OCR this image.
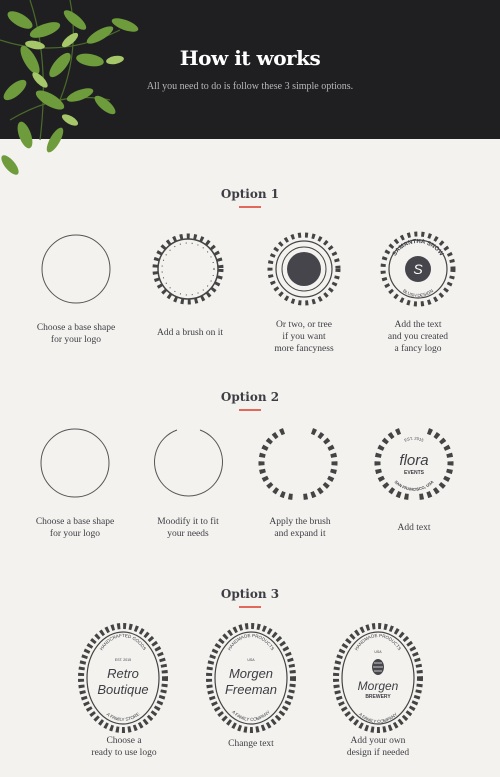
How it works
All you need to do is follow these 3 simple options.
Option 1
SAMANTHA SNOW
BLUSH DESIGN
S
Choose a base shape
for your logo
Add a brush on it
Or two, or tree
if you want
more fancyness
Add the text
and you created
a fancy logo
Option 2
EST. 2015
flora
EVENTS
SAN FRANCISCO, USA
Choose a base shape
for your logo
Moodify it to fit
your needs
Apply the brush
and expand it
Add text
Option 3
HANDCRAFTED GOODS
EST. 2015
Retro
Boutique
A FAMILY STORE
HANDMADE PRODUCTS
USA
Morgen
Freeman
A FAMILY COMPANY
HANDMADE PRODUCTS
USA
Morgen
BREWERY
A FAMILY COMPANY
Choose a
ready to use logo
Change text	Add your own
design if needed
